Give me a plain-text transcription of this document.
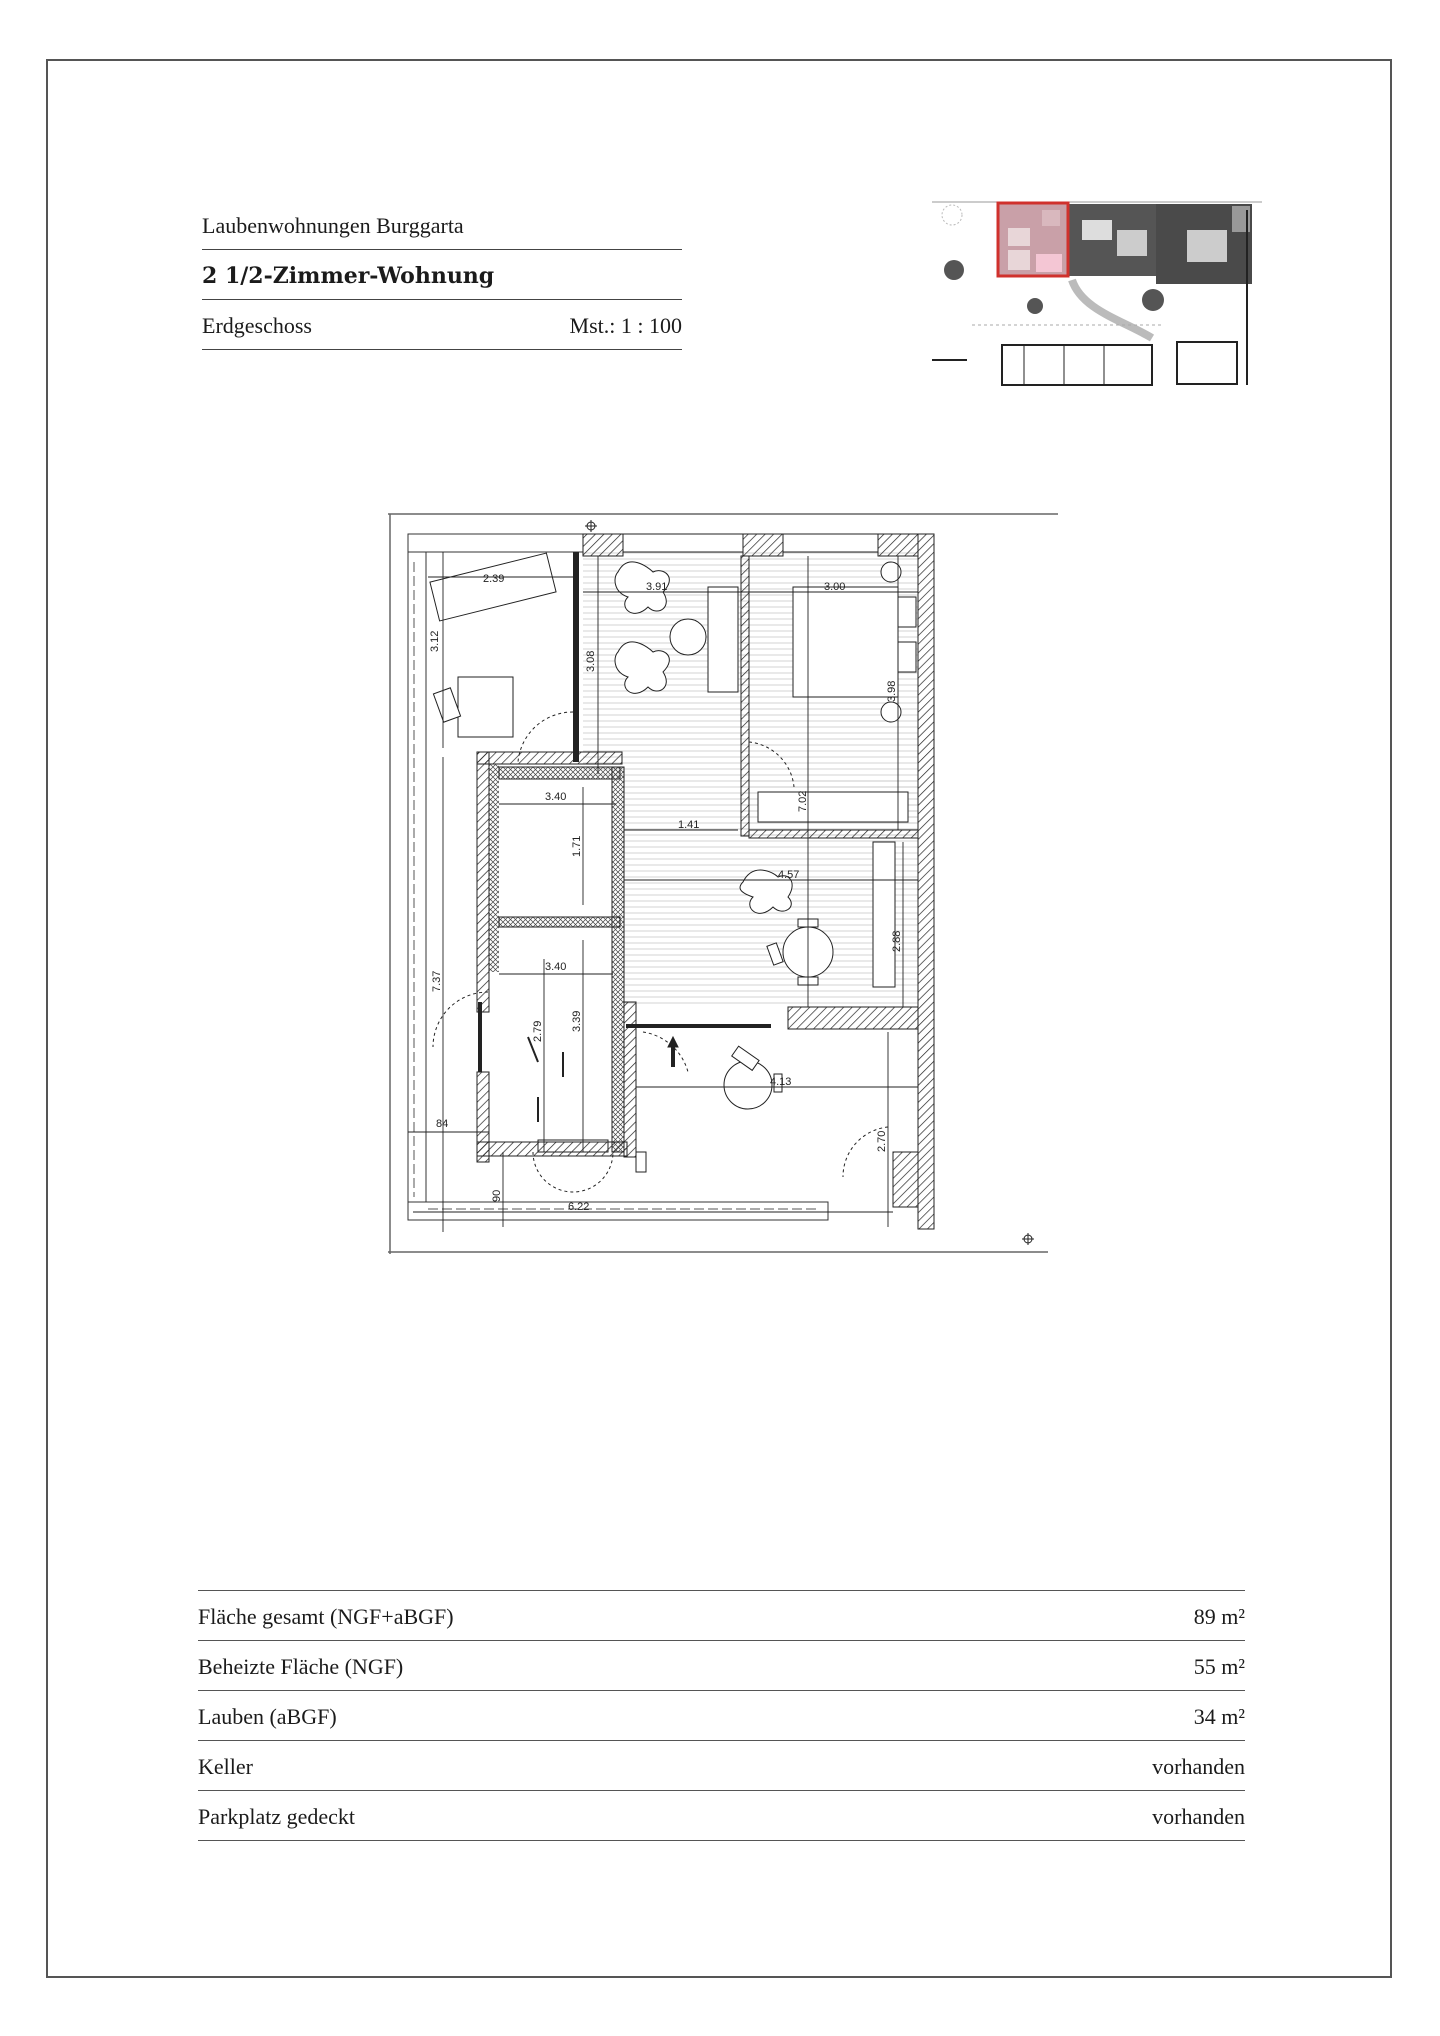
Laubenwohnungen Burggarta
2 1/2-Zimmer-Wohnung
Erdgeschoss	Mst.: 1 : 100
2.39
3.12
3.91
3.08
3.00
3.98
7.02
1.41
3.40
1.71
3.40
3.39
2.79
4.57
2.88
4.13
2.70
7.37
6.22
84
90
Fläche gesamt (NGF+aBGF)	89 m²
Beheizte Fläche (NGF)	55 m²
Lauben (aBGF)	34 m²
Keller	vorhanden
Parkplatz gedeckt	vorhanden
